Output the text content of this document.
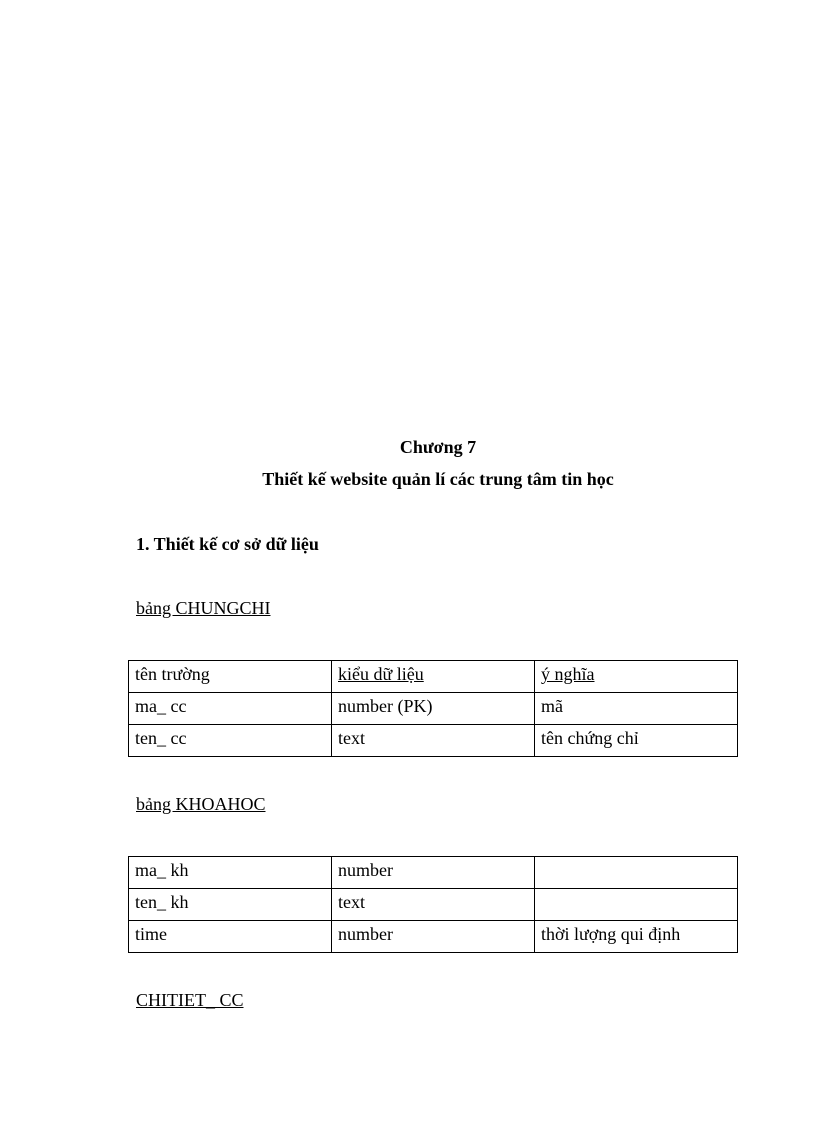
Chương 7
Thiết kế website quản lí các trung tâm tin học
1. Thiết kế cơ sở dữ liệu
bảng CHUNGCHI
tên trường	kiểu dữ liệu	ý nghĩa
ma_ cc	number (PK)	mã
ten_ cc	text	tên chứng chỉ
bảng KHOAHOC
ma_ kh	number	
ten_ kh	text	
time	number	thời lượng qui định
CHITIET_ CC
